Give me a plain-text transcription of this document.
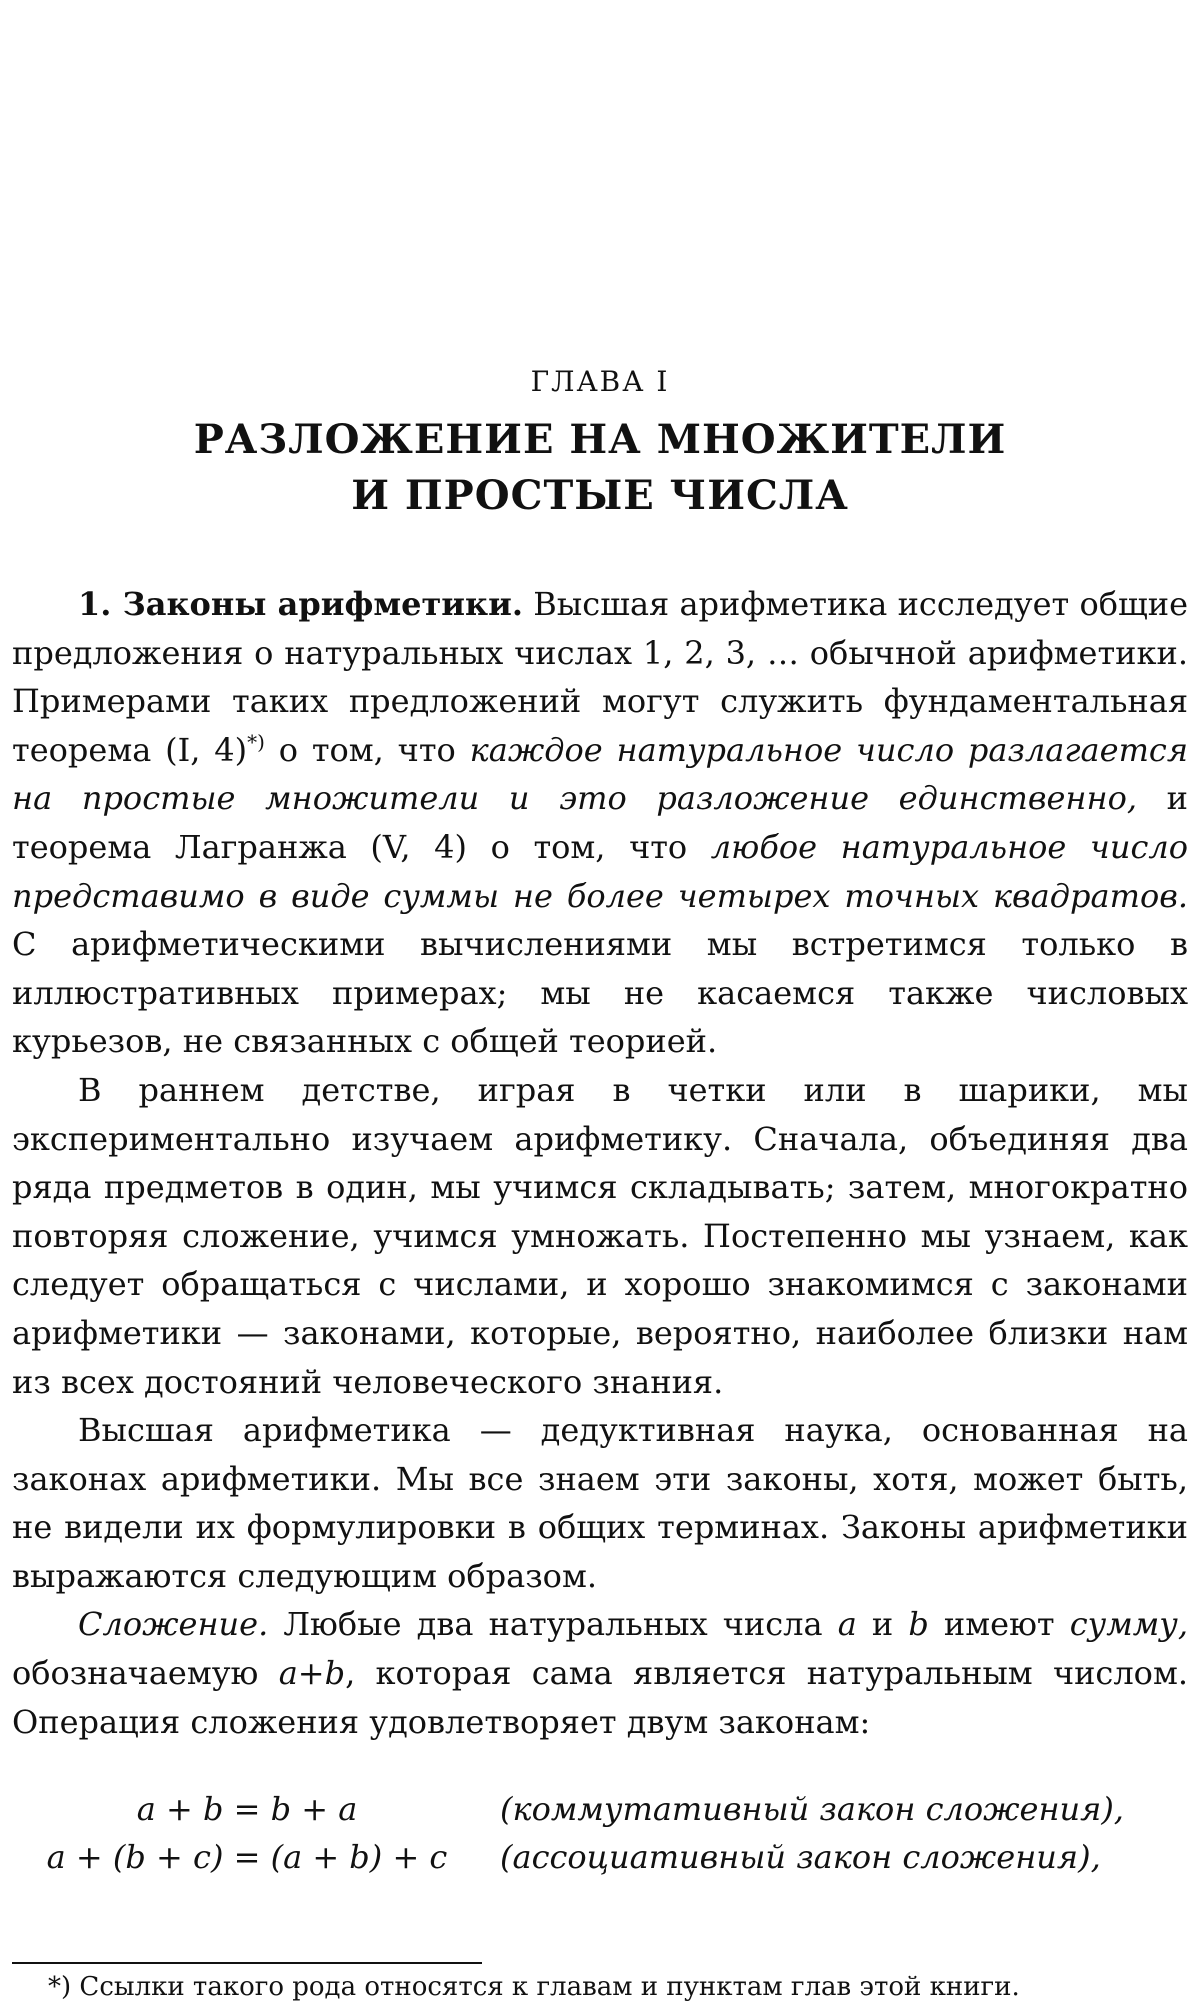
ГЛАВА I
РАЗЛОЖЕНИЕ НА МНОЖИТЕЛИ
И ПРОСТЫЕ ЧИСЛА

1. Законы арифметики. Высшая арифметика исследует общие предложения о натуральных числах 1, 2, 3, … обычной арифметики. Примерами таких предложений могут служить фундаментальная теорема (I, 4)*) о том, что каждое натуральное число разлагается на простые множители и это разложение единственно, и теорема Лагранжа (V, 4) о том, что любое натуральное число представимо в виде суммы не более четырех точных квадратов. С арифметическими вычислениями мы встретимся только в иллюстративных примерах; мы не касаемся также числовых курьезов, не связанных с общей теорией.

В раннем детстве, играя в четки или в шарики, мы экспериментально изучаем арифметику. Сначала, объединяя два ряда предметов в один, мы учимся складывать; затем, многократно повторяя сложение, учимся умножать. Постепенно мы узнаем, как следует обращаться с числами, и хорошо знакомимся с законами арифметики — законами, которые, вероятно, наиболее близки нам из всех достояний человеческого знания.

Высшая арифметика — дедуктивная наука, основанная на законах арифметики. Мы все знаем эти законы, хотя, может быть, не видели их формулировки в общих терминах. Законы арифметики выражаются следующим образом.

Сложение. Любые два натуральных числа a и b имеют сумму, обозначаемую a+b, которая сама является натуральным числом. Операция сложения удовлетворяет двум законам:

a + b = b + a	(коммутативный закон сложения),
a + (b + c) = (a + b) + c	(ассоциативный закон сложения),
*) Ссылки такого рода относятся к главам и пунктам глав этой книги.
